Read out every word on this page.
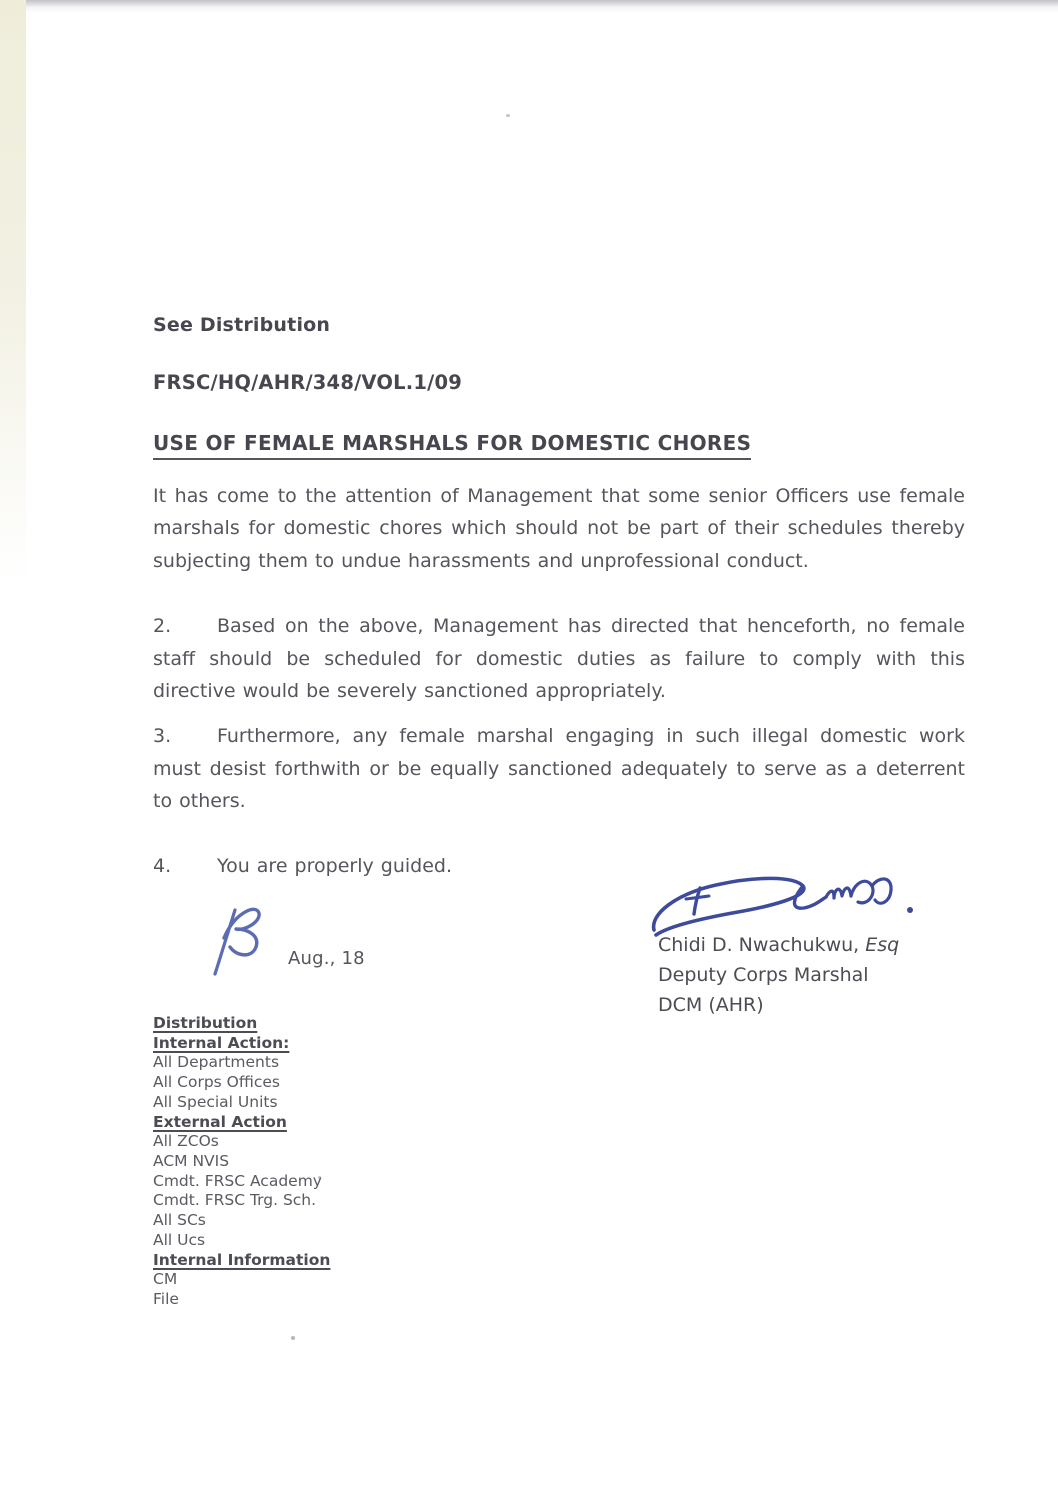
See Distribution
FRSC/HQ/AHR/348/VOL.1/09
USE OF FEMALE MARSHALS FOR DOMESTIC CHORES

It has come to the attention of Management that some senior Officers use female marshals for domestic chores which should not be part of their schedules thereby subjecting them to undue harassments and unprofessional conduct.

2. Based on the above, Management has directed that henceforth, no female staff should be scheduled for domestic duties as failure to comply with this directive would be severely sanctioned appropriately.

3. Furthermore, any female marshal engaging in such illegal domestic work must desist forthwith or be equally sanctioned adequately to serve as a deterrent to others.

4. You are properly guided.

Aug., 18
Chidi D. Nwachukwu, Esq
Deputy Corps Marshal
DCM (AHR)
Distribution
Internal Action:
All Departments
All Corps Offices
All Special Units
External Action
All ZCOs
ACM NVIS
Cmdt. FRSC Academy
Cmdt. FRSC Trg. Sch.
All SCs
All Ucs
Internal Information
CM
File
